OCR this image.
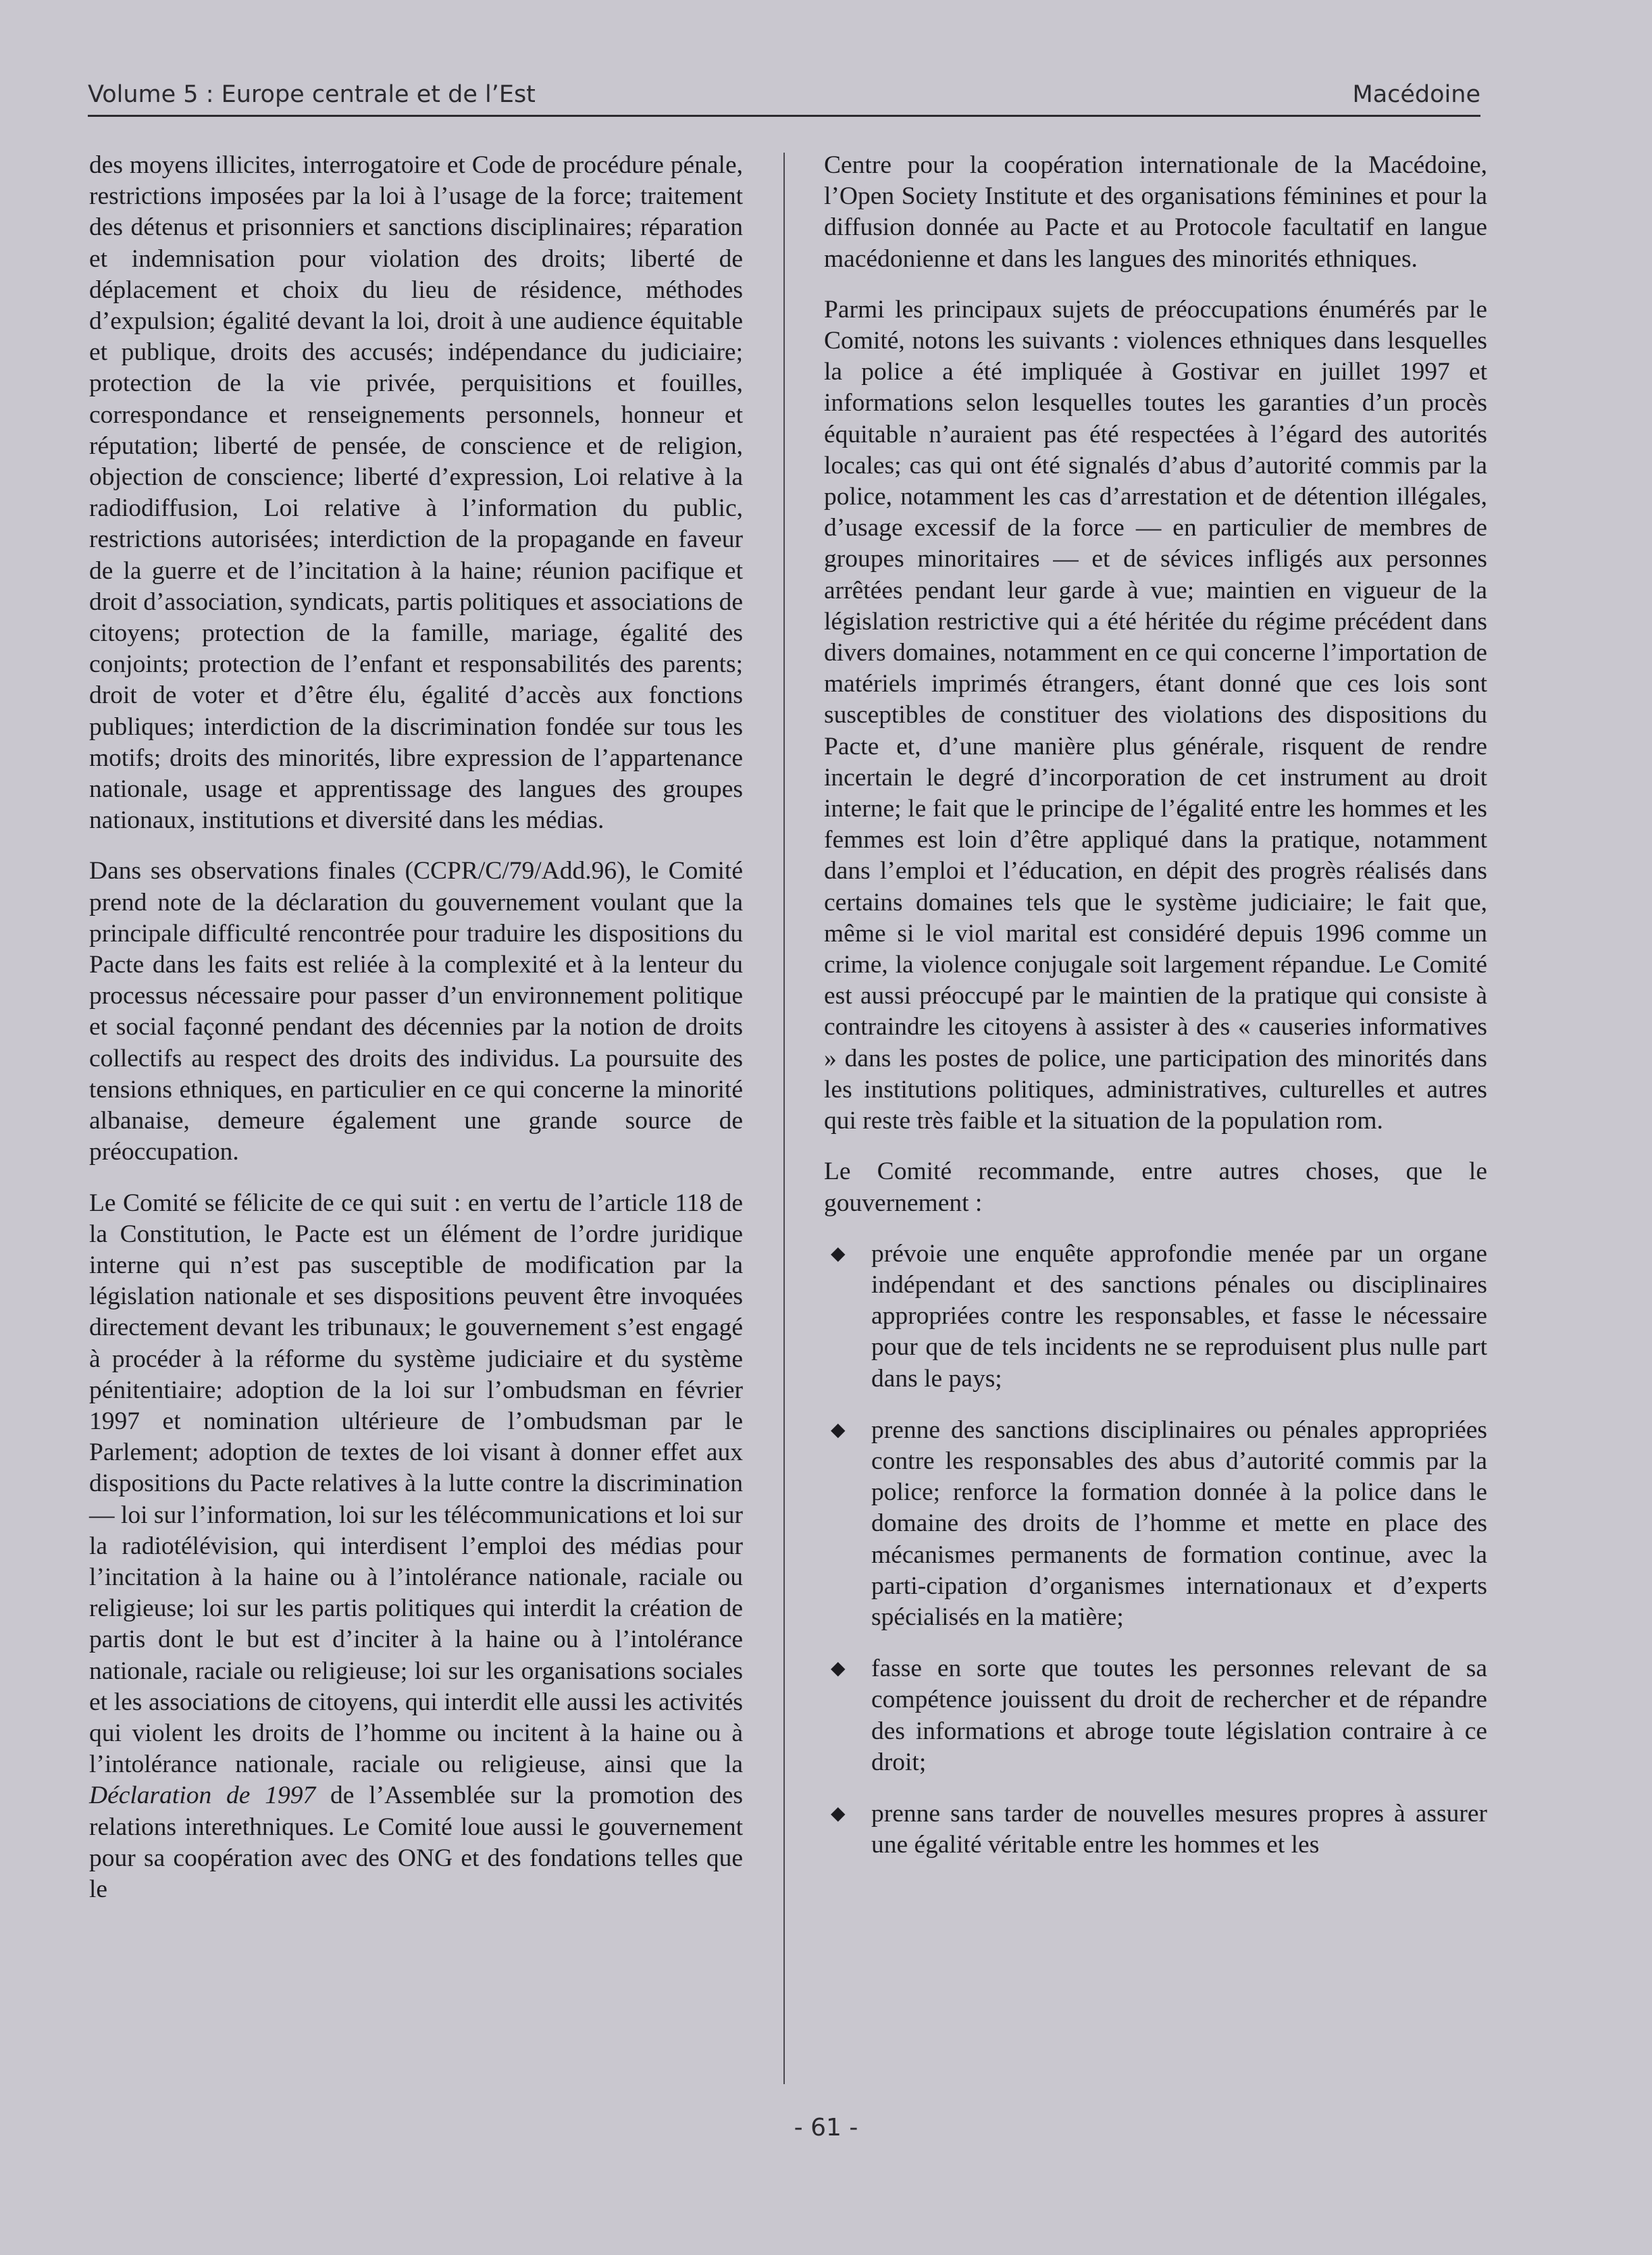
Volume 5 : Europe centrale et de l’Est	Macédoine

des moyens illicites, interrogatoire et Code de procédure pénale, restrictions imposées par la loi à l’usage de la force; traitement des détenus et prisonniers et sanctions disciplinaires; réparation et indemnisation pour violation des droits; liberté de déplacement et choix du lieu de résidence, méthodes d’expulsion; égalité devant la loi, droit à une audience équitable et publique, droits des accusés; indépendance du judiciaire; protection de la vie privée, perquisitions et fouilles, correspondance et renseignements personnels, honneur et réputation; liberté de pensée, de conscience et de religion, objection de conscience; liberté d’expression, Loi relative à la radiodiffusion, Loi relative à l’information du public, restrictions autorisées; interdiction de la propagande en faveur de la guerre et de l’incitation à la haine; réunion pacifique et droit d’association, syndicats, partis politiques et associations de citoyens; protection de la famille, mariage, égalité des conjoints; protection de l’enfant et responsabilités des parents; droit de voter et d’être élu, égalité d’accès aux fonctions publiques; interdiction de la discrimination fondée sur tous les motifs; droits des minorités, libre expression de l’appartenance nationale, usage et apprentissage des langues des groupes nationaux, institutions et diversité dans les médias.

Dans ses observations finales (CCPR/C/79/Add.96), le Comité prend note de la déclaration du gouvernement voulant que la principale difficulté rencontrée pour traduire les dispositions du Pacte dans les faits est reliée à la complexité et à la lenteur du processus nécessaire pour passer d’un environnement politique et social façonné pendant des décennies par la notion de droits collectifs au respect des droits des individus. La poursuite des tensions ethniques, en particulier en ce qui concerne la minorité albanaise, demeure également une grande source de préoccupation.

Le Comité se félicite de ce qui suit : en vertu de l’article 118 de la Constitution, le Pacte est un élément de l’ordre juridique interne qui n’est pas susceptible de modification par la législation nationale et ses dispositions peuvent être invoquées directement devant les tribunaux; le gouvernement s’est engagé à procéder à la réforme du système judiciaire et du système pénitentiaire; adoption de la loi sur l’ombudsman en février 1997 et nomination ultérieure de l’ombudsman par le Parlement; adoption de textes de loi visant à donner effet aux dispositions du Pacte relatives à la lutte contre la discrimination — loi sur l’information, loi sur les télécommunications et loi sur la radiotélévision, qui interdisent l’emploi des médias pour l’incitation à la haine ou à l’intolérance nationale, raciale ou religieuse; loi sur les partis politiques qui interdit la création de partis dont le but est d’inciter à la haine ou à l’intolérance nationale, raciale ou religieuse; loi sur les organisations sociales et les associations de citoyens, qui interdit elle aussi les activités qui violent les droits de l’homme ou incitent à la haine ou à l’intolérance nationale, raciale ou religieuse, ainsi que la Déclaration de 1997 de l’Assemblée sur la promotion des relations interethniques. Le Comité loue aussi le gouvernement pour sa coopération avec des ONG et des fondations telles que le

Centre pour la coopération internationale de la Macédoine, l’Open Society Institute et des organisations féminines et pour la diffusion donnée au Pacte et au Protocole facultatif en langue macédonienne et dans les langues des minorités ethniques.

Parmi les principaux sujets de préoccupations énumérés par le Comité, notons les suivants : violences ethniques dans lesquelles la police a été impliquée à Gostivar en juillet 1997 et informations selon lesquelles toutes les garanties d’un procès équitable n’auraient pas été respectées à l’égard des autorités locales; cas qui ont été signalés d’abus d’autorité commis par la police, notamment les cas d’arrestation et de détention illégales, d’usage excessif de la force — en particulier de membres de groupes minoritaires — et de sévices infligés aux personnes arrêtées pendant leur garde à vue; maintien en vigueur de la législation restrictive qui a été héritée du régime précédent dans divers domaines, notamment en ce qui concerne l’importation de matériels imprimés étrangers, étant donné que ces lois sont susceptibles de constituer des violations des dispositions du Pacte et, d’une manière plus générale, risquent de rendre incertain le degré d’incorporation de cet instrument au droit interne; le fait que le principe de l’égalité entre les hommes et les femmes est loin d’être appliqué dans la pratique, notamment dans l’emploi et l’éducation, en dépit des progrès réalisés dans certains domaines tels que le système judiciaire; le fait que, même si le viol marital est considéré depuis 1996 comme un crime, la violence conjugale soit largement répandue. Le Comité est aussi préoccupé par le maintien de la pratique qui consiste à contraindre les citoyens à assister à des « causeries informatives » dans les postes de police, une participation des minorités dans les institutions politiques, administratives, culturelles et autres qui reste très faible et la situation de la population rom.

Le Comité recommande, entre autres choses, que le gouvernement :

◆ prévoie une enquête approfondie menée par un organe indépendant et des sanctions pénales ou disciplinaires appropriées contre les responsables, et fasse le nécessaire pour que de tels incidents ne se reproduisent plus nulle part dans le pays;
◆ prenne des sanctions disciplinaires ou pénales appropriées contre les responsables des abus d’autorité commis par la police; renforce la formation donnée à la police dans le domaine des droits de l’homme et mette en place des mécanismes permanents de formation continue, avec la parti-cipation d’organismes internationaux et d’experts spécialisés en la matière;
◆ fasse en sorte que toutes les personnes relevant de sa compétence jouissent du droit de rechercher et de répandre des informations et abroge toute législation contraire à ce droit;
◆ prenne sans tarder de nouvelles mesures propres à assurer une égalité véritable entre les hommes et les
- 61 -
